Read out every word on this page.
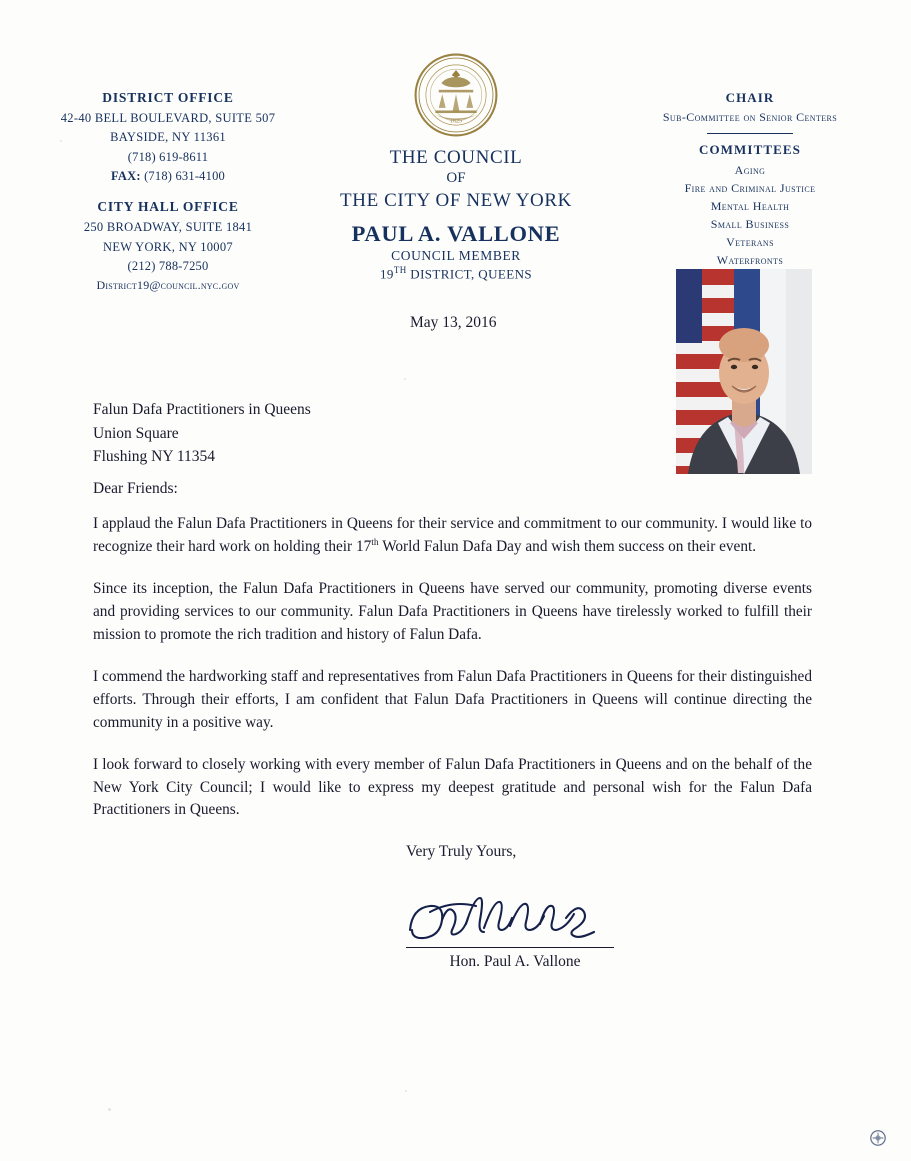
DISTRICT OFFICE
42-40 BELL BOULEVARD, SUITE 507
BAYSIDE, NY 11361
(718) 619-8611
FAX: (718) 631-4100
CITY HALL OFFICE
250 BROADWAY, SUITE 1841
NEW YORK, NY 10007
(212) 788-7250
District19@council.nyc.gov
1625
THE COUNCIL
OF
THE CITY OF NEW YORK
PAUL A. VALLONE
COUNCIL MEMBER
19TH DISTRICT, QUEENS
CHAIR
Sub-Committee on Senior Centers
COMMITTEES
Aging
Fire and Criminal Justice
Mental Health
Small Business
Veterans
Waterfronts
May 13, 2016
Falun Dafa Practitioners in Queens
Union Square
Flushing NY 11354
Dear Friends:

I applaud the Falun Dafa Practitioners in Queens for their service and commitment to our community. I would like to recognize their hard work on holding their 17th World Falun Dafa Day and wish them success on their event.

Since its inception, the Falun Dafa Practitioners in Queens have served our community, promoting diverse events and providing services to our community. Falun Dafa Practitioners in Queens have tirelessly worked to fulfill their mission to promote the rich tradition and history of Falun Dafa.

I commend the hardworking staff and representatives from Falun Dafa Practitioners in Queens for their distinguished efforts. Through their efforts, I am confident that Falun Dafa Practitioners in Queens will continue directing the community in a positive way.

I look forward to closely working with every member of Falun Dafa Practitioners in Queens and on the behalf of the New York City Council; I would like to express my deepest gratitude and personal wish for the Falun Dafa Practitioners in Queens.

Very Truly Yours,
Hon. Paul A. Vallone
